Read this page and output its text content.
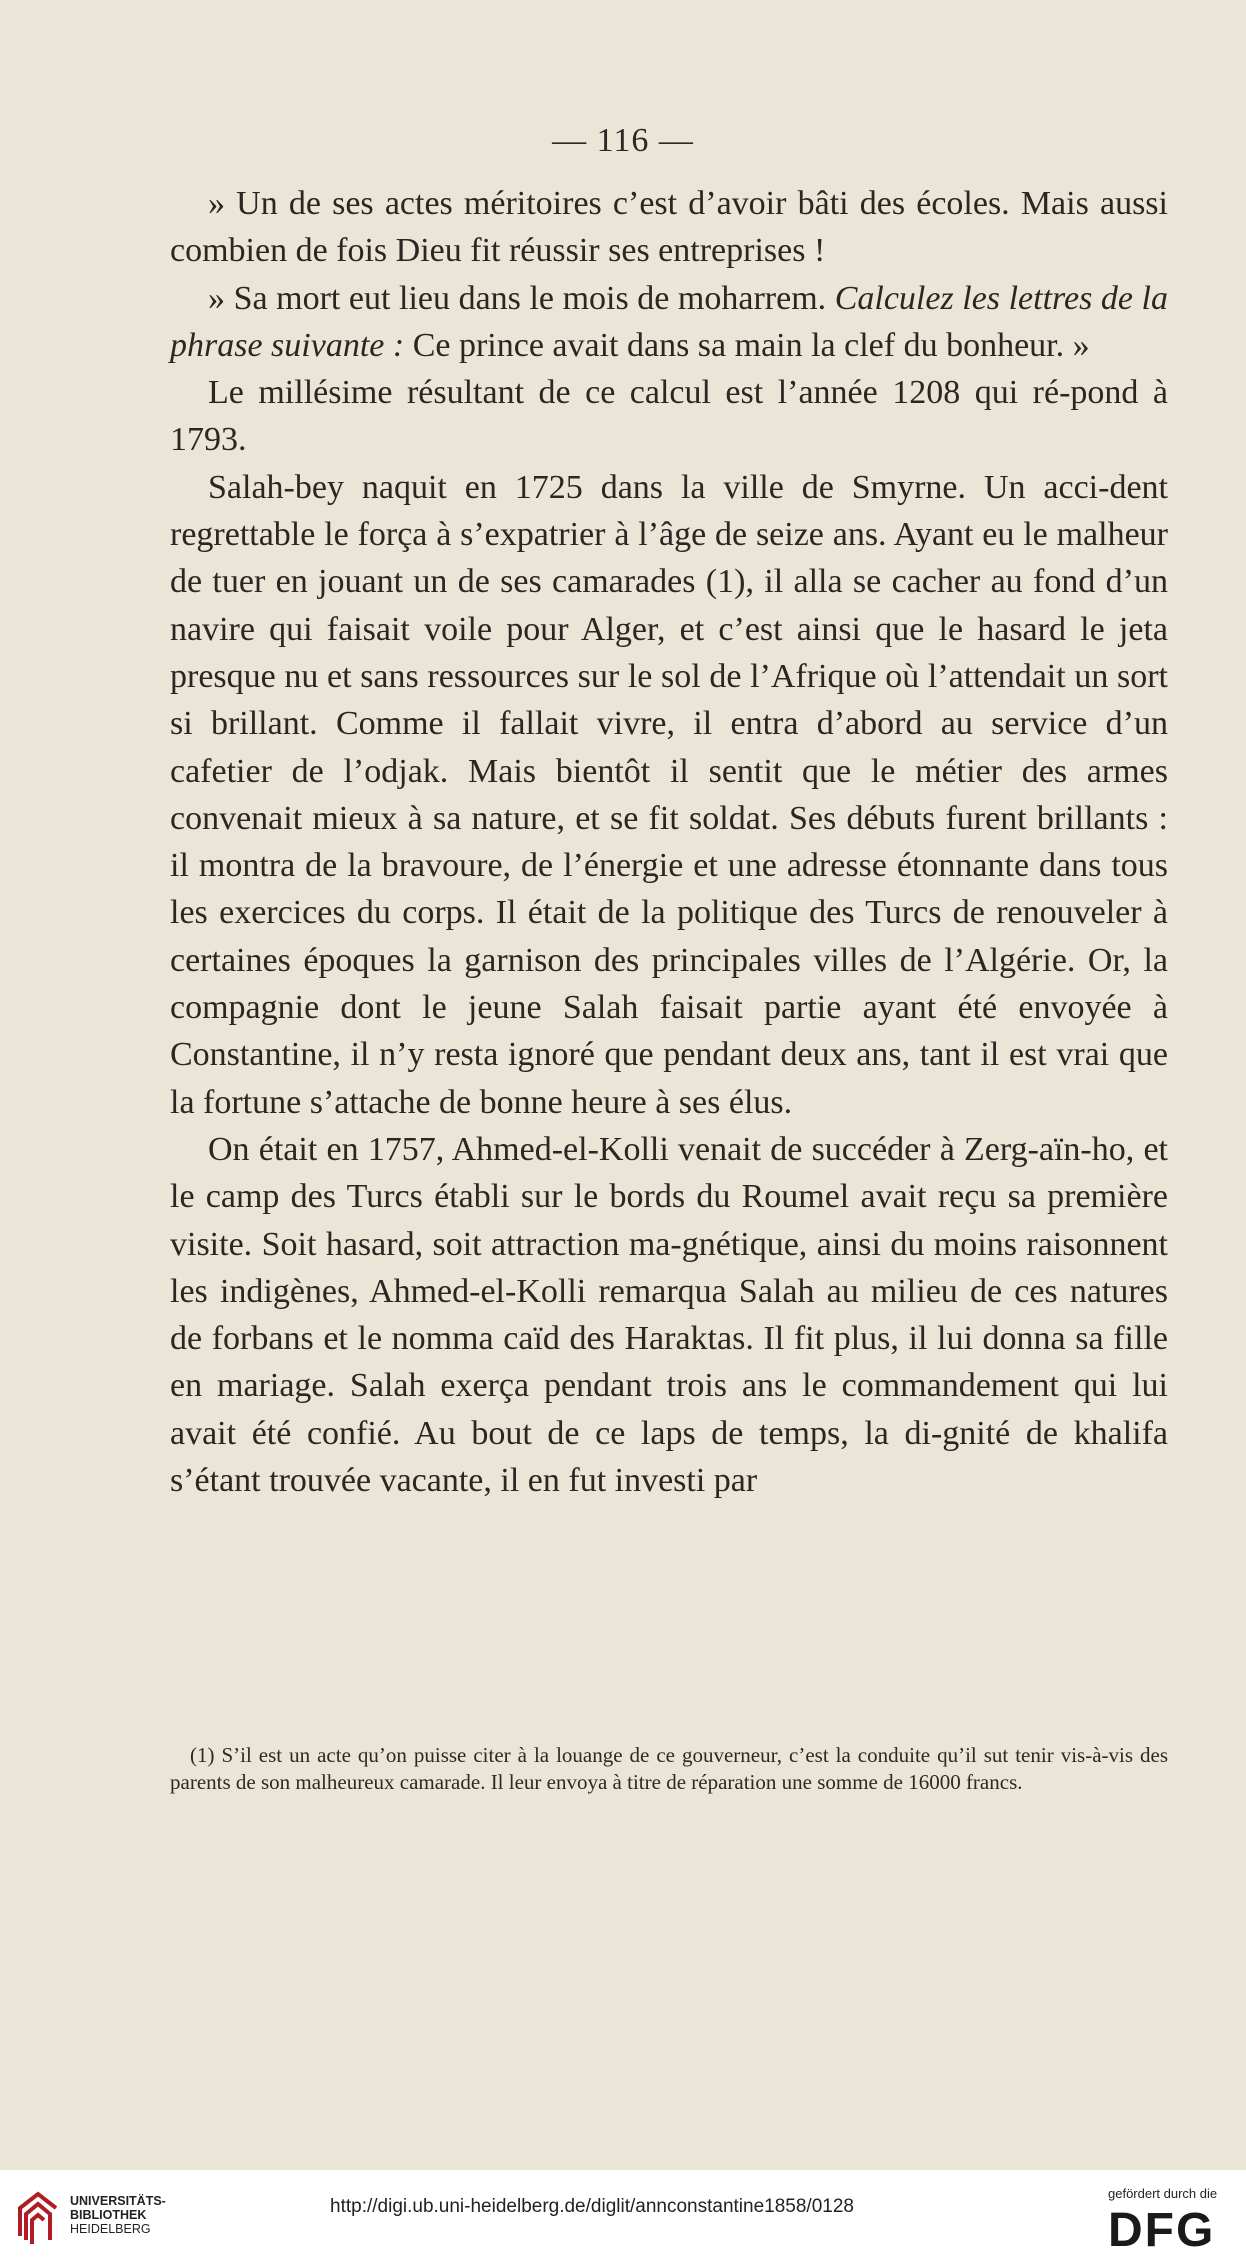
— 116 —

» Un de ses actes méritoires c’est d’avoir bâti des écoles. Mais aussi combien de fois Dieu fit réussir ses entreprises !

» Sa mort eut lieu dans le mois de moharrem. Calculez les lettres de la phrase suivante : Ce prince avait dans sa main la clef du bonheur. »

Le millésime résultant de ce calcul est l’année 1208 qui ré-pond à 1793.

Salah-bey naquit en 1725 dans la ville de Smyrne. Un acci-dent regrettable le força à s’expatrier à l’âge de seize ans. Ayant eu le malheur de tuer en jouant un de ses camarades (1), il alla se cacher au fond d’un navire qui faisait voile pour Alger, et c’est ainsi que le hasard le jeta presque nu et sans ressources sur le sol de l’Afrique où l’attendait un sort si brillant. Comme il fallait vivre, il entra d’abord au service d’un cafetier de l’odjak. Mais bientôt il sentit que le métier des armes convenait mieux à sa nature, et se fit soldat. Ses débuts furent brillants : il montra de la bravoure, de l’énergie et une adresse étonnante dans tous les exercices du corps. Il était de la politique des Turcs de renouveler à certaines époques la garnison des principales villes de l’Algérie. Or, la compagnie dont le jeune Salah faisait partie ayant été envoyée à Constantine, il n’y resta ignoré que pendant deux ans, tant il est vrai que la fortune s’attache de bonne heure à ses élus.

On était en 1757, Ahmed-el-Kolli venait de succéder à Zerg-aïn-ho, et le camp des Turcs établi sur le bords du Roumel avait reçu sa première visite. Soit hasard, soit attraction ma-gnétique, ainsi du moins raisonnent les indigènes, Ahmed-el-Kolli remarqua Salah au milieu de ces natures de forbans et le nomma caïd des Haraktas. Il fit plus, il lui donna sa fille en mariage. Salah exerça pendant trois ans le commandement qui lui avait été confié. Au bout de ce laps de temps, la di-gnité de khalifa s’étant trouvée vacante, il en fut investi par

(1) S’il est un acte qu’on puisse citer à la louange de ce gouverneur, c’est la conduite qu’il sut tenir vis-à-vis des parents de son malheureux camarade. Il leur envoya à titre de réparation une somme de 16000 francs.
UNIVERSITÄTS-
BIBLIOTHEK
HEIDELBERG
http://digi.ub.uni-heidelberg.de/diglit/annconstantine1858/0128
gefördert durch die
DFG
